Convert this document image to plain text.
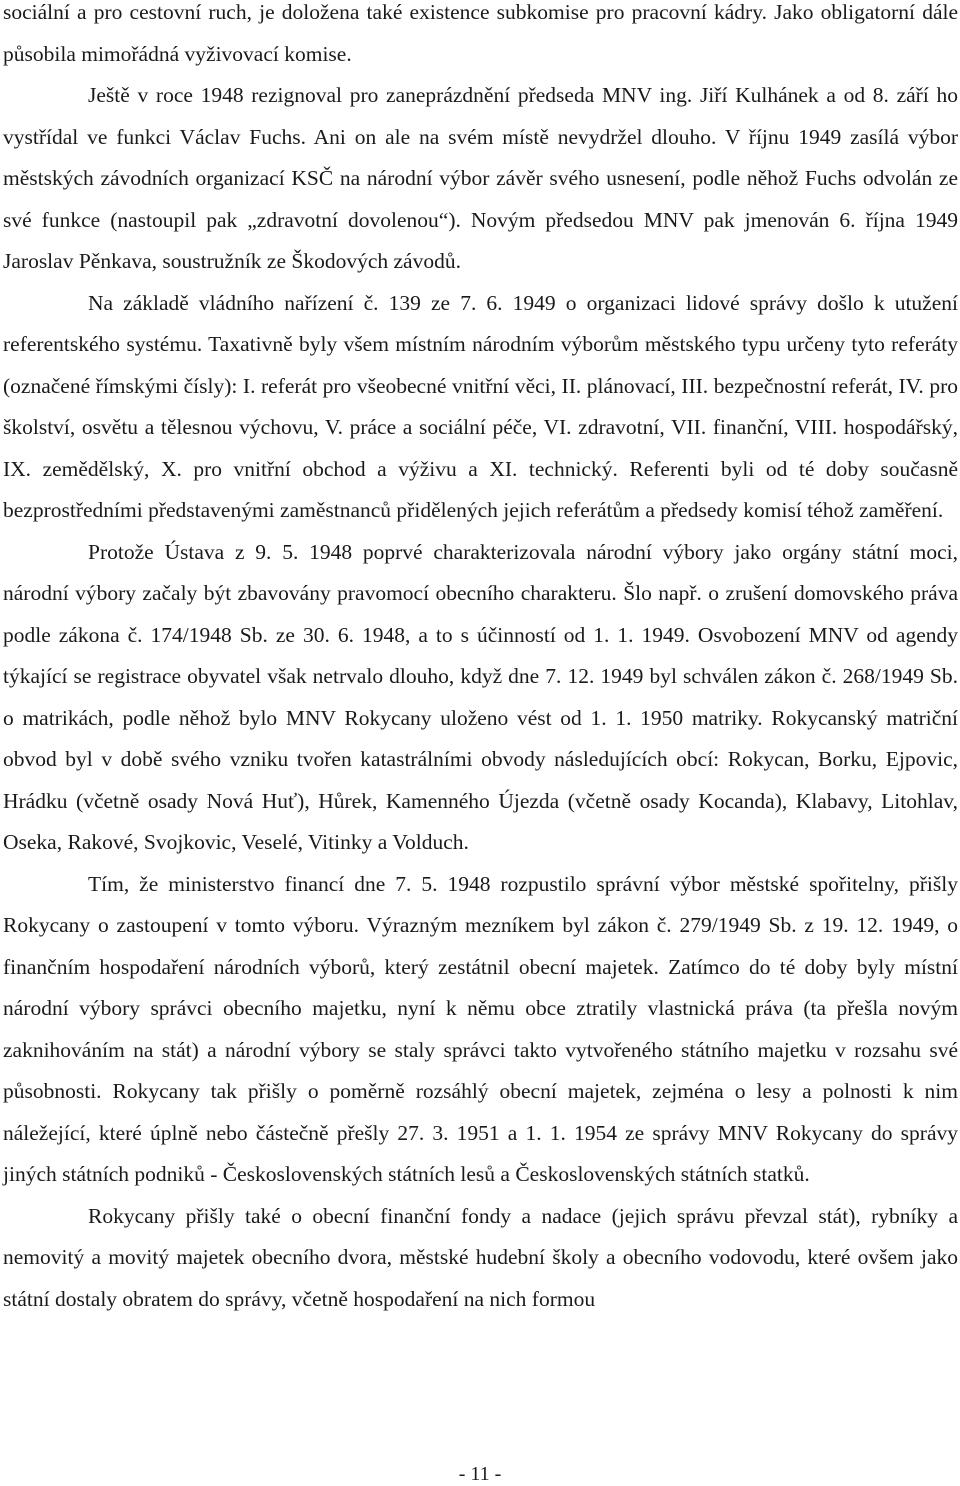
sociální a pro cestovní ruch, je doložena také existence subkomise pro pracovní kádry. Jako obligatorní dále působila mimořádná vyživovací komise.

Ještě v roce 1948 rezignoval pro zaneprázdnění předseda MNV ing. Jiří Kulhánek a od 8. září ho vystřídal ve funkci Václav Fuchs. Ani on ale na svém místě nevydržel dlouho. V říjnu 1949 zasílá výbor městských závodních organizací KSČ na národní výbor závěr svého usnesení, podle něhož Fuchs odvolán ze své funkce (nastoupil pak „zdravotní dovolenou“). Novým předsedou MNV pak jmenován 6. října 1949 Jaroslav Pěnkava, soustružník ze Škodových závodů.

Na základě vládního nařízení č. 139 ze 7. 6. 1949 o organizaci lidové správy došlo k utužení referentského systému. Taxativně byly všem místním národním výborům městského typu určeny tyto referáty (označené římskými čísly): I. referát pro všeobecné vnitřní věci, II. plánovací, III. bezpečnostní referát, IV. pro školství, osvětu a tělesnou výchovu, V. práce a sociální péče, VI. zdravotní, VII. finanční, VIII. hospodářský, IX. zemědělský, X. pro vnitřní obchod a výživu a XI. technický. Referenti byli od té doby současně bezprostředními představenými zaměstnanců přidělených jejich referátům a předsedy komisí téhož zaměření.

Protože Ústava z 9. 5. 1948 poprvé charakterizovala národní výbory jako orgány státní moci, národní výbory začaly být zbavovány pravomocí obecního charakteru. Šlo např. o zrušení domovského práva podle zákona č. 174/1948 Sb. ze 30. 6. 1948, a to s účinností od 1. 1. 1949. Osvobození MNV od agendy týkající se registrace obyvatel však netrvalo dlouho, když dne 7. 12. 1949 byl schválen zákon č. 268/1949 Sb. o matrikách, podle něhož bylo MNV Rokycany uloženo vést od 1. 1. 1950 matriky. Rokycanský matriční obvod byl v době svého vzniku tvořen katastrálními obvody následujících obcí: Rokycan, Borku, Ejpovic, Hrádku (včetně osady Nová Huť), Hůrek, Kamenného Újezda (včetně osady Kocanda), Klabavy, Litohlav, Oseka, Rakové, Svojkovic, Veselé, Vitinky a Volduch.

Tím, že ministerstvo financí dne 7. 5. 1948 rozpustilo správní výbor městské spořitelny, přišly Rokycany o zastoupení v tomto výboru. Výrazným mezníkem byl zákon č. 279/1949 Sb. z 19. 12. 1949, o finančním hospodaření národních výborů, který zestátnil obecní majetek. Zatímco do té doby byly místní národní výbory správci obecního majetku, nyní k němu obce ztratily vlastnická práva (ta přešla novým zaknihováním na stát) a národní výbory se staly správci takto vytvořeného státního majetku v rozsahu své působnosti. Rokycany tak přišly o poměrně rozsáhlý obecní majetek, zejména o lesy a polnosti k nim náležející, které úplně nebo částečně přešly 27. 3. 1951 a 1. 1. 1954 ze správy MNV Rokycany do správy jiných státních podniků - Československých státních lesů a Československých státních statků.

Rokycany přišly také o obecní finanční fondy a nadace (jejich správu převzal stát), rybníky a nemovitý a movitý majetek obecního dvora, městské hudební školy a obecního vodovodu, které ovšem jako státní dostaly obratem do správy, včetně hospodaření na nich formou

- 11 -
